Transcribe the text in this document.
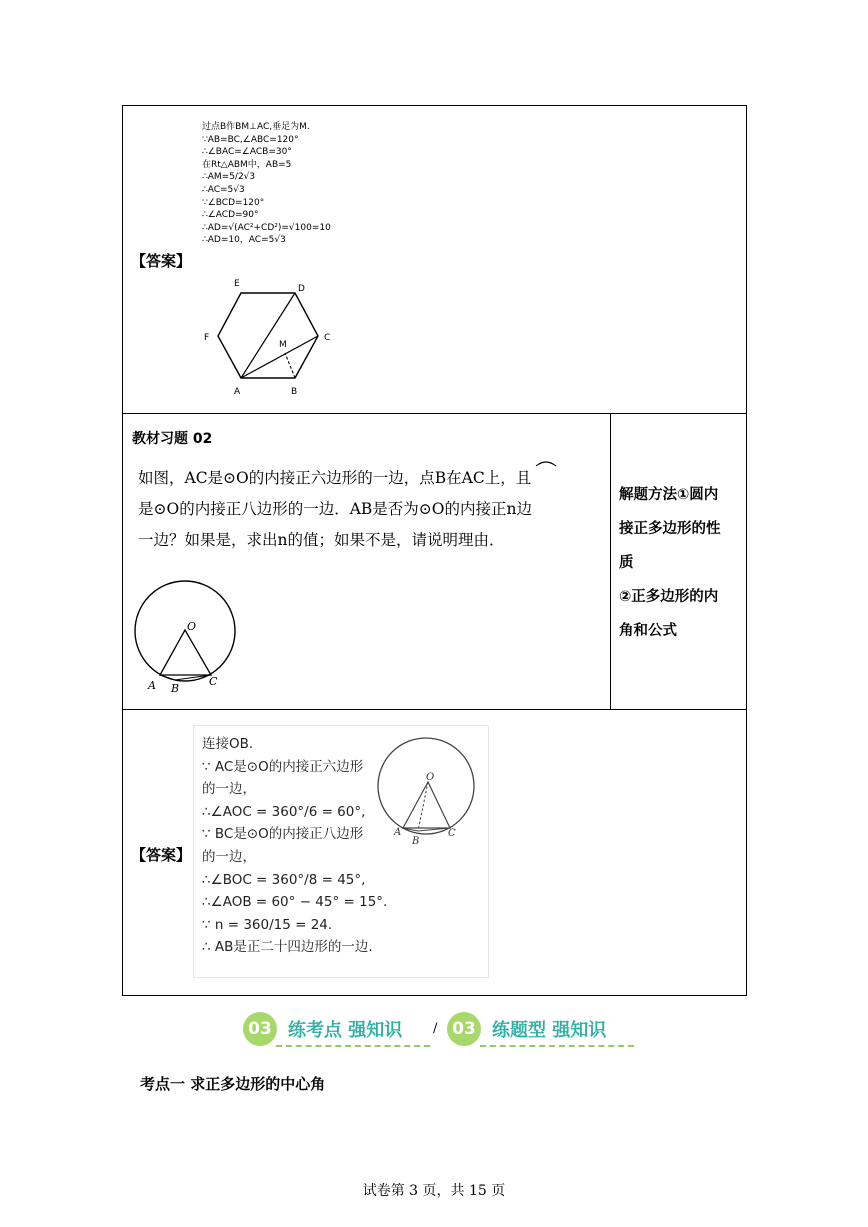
【答案】
过点B作BM⊥AC,垂足为M.
∵AB=BC,∠ABC=120°
∴∠BAC=∠ACB=30°
在Rt△ABM中，AB=5
∴AM=5/2√3
∴AC=5√3
∵∠BCD=120°
∴∠ACD=90°
∴AD=√(AC²+CD²)=√100=10
∴AD=10，AC=5√3
E	D
F	C
M
A	B
教材习题 02
如图，AC是⊙O的内接正六边形的一边，点B在AC上，且
是⊙O的内接正八边形的一边．AB是否为⊙O的内接正n边
一边？如果是，求出n的值；如果不是，请说明理由．
O
A B
C
解题方法①圆内
接正多边形的性
质
②正多边形的内
角和公式
【答案】
连接OB.
∵ AC是⊙O的内接正六边形
的一边，
∴∠AOC = 360°/6 = 60°,
∵ BC是⊙O的内接正八边形
的一边，
∴∠BOC = 360°/8 = 45°,
∴∠AOB = 60° − 45° = 15°.
∵ n = 360/15 = 24.
∴ AB是正二十四边形的一边.
O
A
B
C
03 练考点 强知识 / 03 练题型 强知识
考点一 求正多边形的中心角
试卷第 3 页，共 15 页
